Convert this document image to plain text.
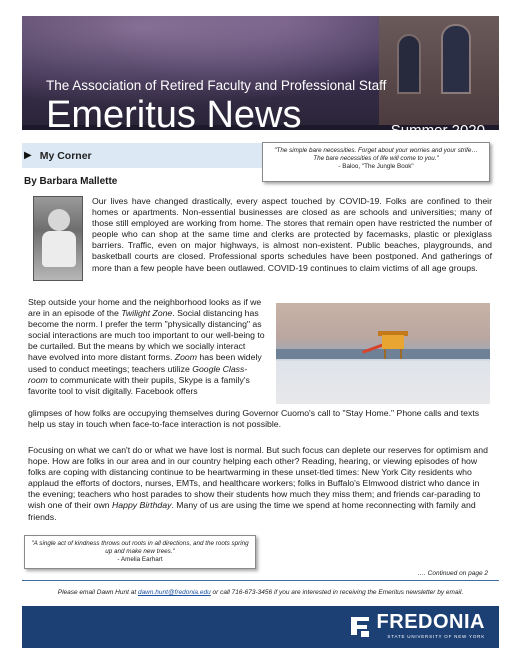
The Association of Retired Faculty and Professional Staff
Emeritus News	Summer 2020
▶ My Corner
By Barbara Mallette
"The simple bare necessities. Forget about your worries and your strife… The bare necessities of life will come to you."
- Baloo, "The Jungle Book"

Our lives have changed drastically, every aspect touched by COVID-19. Folks are confined to their homes or apartments. Non-essential businesses are closed as are schools and universities; many of those still employed are working from home. The stores that remain open have restricted the number of people who can shop at the same time and clerks are protected by facemasks, plastic or plexiglass barriers. Traffic, even on major highways, is almost non-existent. Public beaches, playgrounds, and basketball courts are closed. Professional sports schedules have been postponed. And gatherings of more than a few people have been outlawed. COVID-19 continues to claim victims of all age groups.

Step outside your home and the neighborhood looks as if we are in an episode of the Twilight Zone. Social distancing has become the norm. I prefer the term "physically distancing" as social interactions are much too important to our well-being to be curtailed. But the means by which we socially interact have evolved into more distant forms. Zoom has been widely used to conduct meetings; teachers utilize Google Class-room to communicate with their pupils, Skype is a family's favorite tool to visit digitally. Facebook offers

glimpses of how folks are occupying themselves during Governor Cuomo's call to "Stay Home." Phone calls and texts help us stay in touch when face-to-face interaction is not possible.

Focusing on what we can't do or what we have lost is normal. But such focus can deplete our reserves for optimism and hope. How are folks in our area and in our country helping each other? Reading, hearing, or viewing episodes of how folks are coping with distancing continue to be heartwarming in these unset-tled times: New York City residents who applaud the efforts of doctors, nurses, EMTs, and healthcare workers; folks in Buffalo's Elmwood district who dance in the evening; teachers who host parades to show their students how much they miss them; and friends car-parading to wish one of their own Happy Birthday. Many of us are using the time we spend at home reconnecting with family and friends.

"A single act of kindness throws out roots in all directions, and the roots spring up and make new trees."
- Amelia Earhart
…. Continued on page 2
Please email Dawn Hunt at dawn.hunt@fredonia.edu or call 716-673-3456 if you are interested in receiving the Emeritus newsletter by email.
FREDONIA
STATE UNIVERSITY OF NEW YORK
